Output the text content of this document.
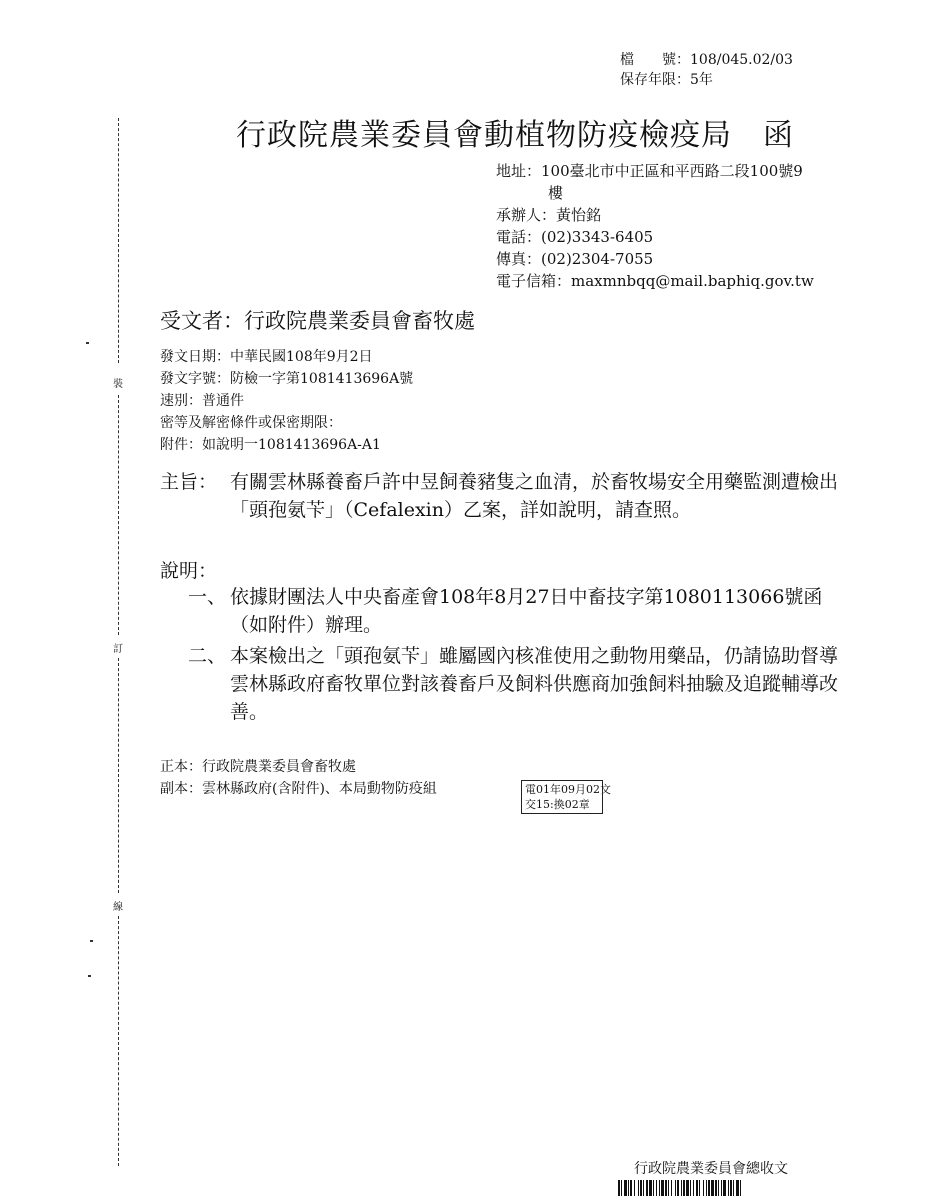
檔　　號：108/045.02/03
保存年限：5年
行政院農業委員會動植物防疫檢疫局　函
地址： 100臺北市中正區和平西路二段100號9
樓
承辦人： 黃怡銘
電話： (02)3343-6405
傳真： (02)2304-7055
電子信箱： maxmnbqq@mail.baphiq.gov.tw
受文者：行政院農業委員會畜牧處
發文日期：中華民國108年9月2日
發文字號：防檢一字第1081413696A號
速別：普通件
密等及解密條件或保密期限：
附件：如說明一1081413696A-A1
主旨： 有關雲林縣養畜戶許中昱飼養豬隻之血清，於畜牧場安全用藥監測遭檢出「頭孢氨苄」（Cefalexin）乙案，詳如說明，請查照。
說明：
一、 依據財團法人中央畜產會108年8月27日中畜技字第1080113066號函（如附件）辦理。
二、 本案檢出之「頭孢氨苄」雖屬國內核准使用之動物用藥品，仍請協助督導雲林縣政府畜牧單位對該養畜戶及飼料供應商加強飼料抽驗及追蹤輔導改善。
正本：行政院農業委員會畜牧處
副本：雲林縣政府(含附件)、本局動物防疫組	電01年09月02文
交15:換02章
裝
訂
線
行政院農業委員會總收文
